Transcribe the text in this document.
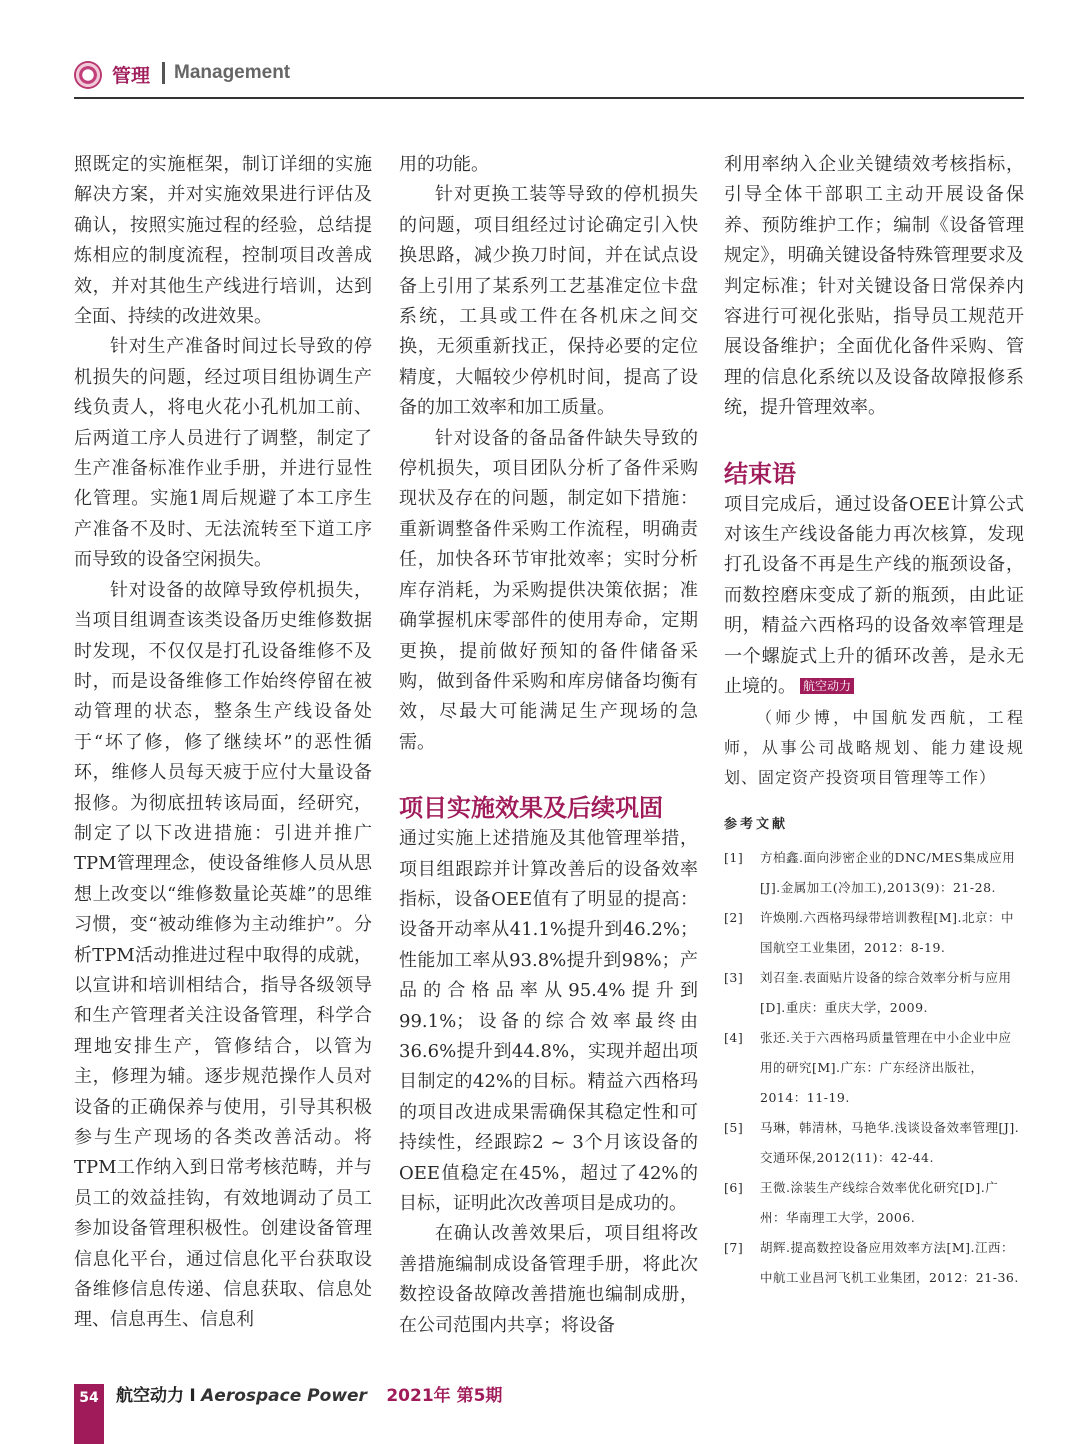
管理 Management

照既定的实施框架，制订详细的实施解决方案，并对实施效果进行评估及确认，按照实施过程的经验，总结提炼相应的制度流程，控制项目改善成效，并对其他生产线进行培训，达到全面、持续的改进效果。

针对生产准备时间过长导致的停机损失的问题，经过项目组协调生产线负责人，将电火花小孔机加工前、后两道工序人员进行了调整，制定了生产准备标准作业手册，并进行显性化管理。实施1周后规避了本工序生产准备不及时、无法流转至下道工序而导致的设备空闲损失。

针对设备的故障导致停机损失，当项目组调查该类设备历史维修数据时发现，不仅仅是打孔设备维修不及时，而是设备维修工作始终停留在被动管理的状态，整条生产线设备处于“坏了修，修了继续坏”的恶性循环，维修人员每天疲于应付大量设备报修。为彻底扭转该局面，经研究，制定了以下改进措施：引进并推广TPM管理理念，使设备维修人员从思想上改变以“维修数量论英雄”的思维习惯，变“被动维修为主动维护”。分析TPM活动推进过程中取得的成就，以宣讲和培训相结合，指导各级领导和生产管理者关注设备管理，科学合理地安排生产，管修结合，以管为主，修理为辅。逐步规范操作人员对设备的正确保养与使用，引导其积极参与生产现场的各类改善活动。将TPM工作纳入到日常考核范畴，并与员工的效益挂钩，有效地调动了员工参加设备管理积极性。创建设备管理信息化平台，通过信息化平台获取设备维修信息传递、信息获取、信息处理、信息再生、信息利

用的功能。

针对更换工装等导致的停机损失的问题，项目组经过讨论确定引入快换思路，减少换刀时间，并在试点设备上引用了某系列工艺基准定位卡盘系统，工具或工件在各机床之间交换，无须重新找正，保持必要的定位精度，大幅较少停机时间，提高了设备的加工效率和加工质量。

针对设备的备品备件缺失导致的停机损失，项目团队分析了备件采购现状及存在的问题，制定如下措施：重新调整备件采购工作流程，明确责任，加快各环节审批效率；实时分析库存消耗，为采购提供决策依据；准确掌握机床零部件的使用寿命，定期更换，提前做好预知的备件储备采购，做到备件采购和库房储备均衡有效，尽最大可能满足生产现场的急需。

项目实施效果及后续巩固

通过实施上述措施及其他管理举措，项目组跟踪并计算改善后的设备效率指标，设备OEE值有了明显的提高：设备开动率从41.1%提升到46.2%；性能加工率从93.8%提升到98%；产品的合格品率从95.4%提升到99.1%；设备的综合效率最终由36.6%提升到44.8%，实现并超出项目制定的42%的目标。精益六西格玛的项目改进成果需确保其稳定性和可持续性，经跟踪2 ~ 3个月该设备的OEE值稳定在45%，超过了42%的目标，证明此次改善项目是成功的。

在确认改善效果后，项目组将改善措施编制成设备管理手册，将此次数控设备故障改善措施也编制成册，在公司范围内共享；将设备

利用率纳入企业关键绩效考核指标，引导全体干部职工主动开展设备保养、预防维护工作；编制《设备管理规定》，明确关键设备特殊管理要求及判定标准；针对关键设备日常保养内容进行可视化张贴，指导员工规范开展设备维护；全面优化备件采购、管理的信息化系统以及设备故障报修系统，提升管理效率。

结束语

项目完成后，通过设备OEE计算公式对该生产线设备能力再次核算，发现打孔设备不再是生产线的瓶颈设备，而数控磨床变成了新的瓶颈，由此证明，精益六西格玛的设备效率管理是一个螺旋式上升的循环改善，是永无止境的。 航空动力

（师少博，中国航发西航，工程师，从事公司战略规划、能力建设规划、固定资产投资项目管理等工作）

参考文献
[1] 方柏鑫.面向涉密企业的DNC/MES集成应用[J].金属加工(冷加工),2013(9)：21-28.
[2] 许焕刚.六西格玛绿带培训教程[M].北京：中国航空工业集团，2012：8-19.
[3] 刘召奎.表面贴片设备的综合效率分析与应用[D].重庆：重庆大学，2009.
[4] 张还.关于六西格玛质量管理在中小企业中应用的研究[M].广东：广东经济出版社，2014：11-19.
[5] 马琳，韩清林，马艳华.浅谈设备效率管理[J].交通环保,2012(11)：42-44.
[6] 王微.涂装生产线综合效率优化研究[D].广州：华南理工大学，2006.
[7] 胡辉.提高数控设备应用效率方法[M].江西：中航工业昌河飞机工业集团，2012：21-36.
54	航空动力 I Aerospace Power 2021年 第5期
